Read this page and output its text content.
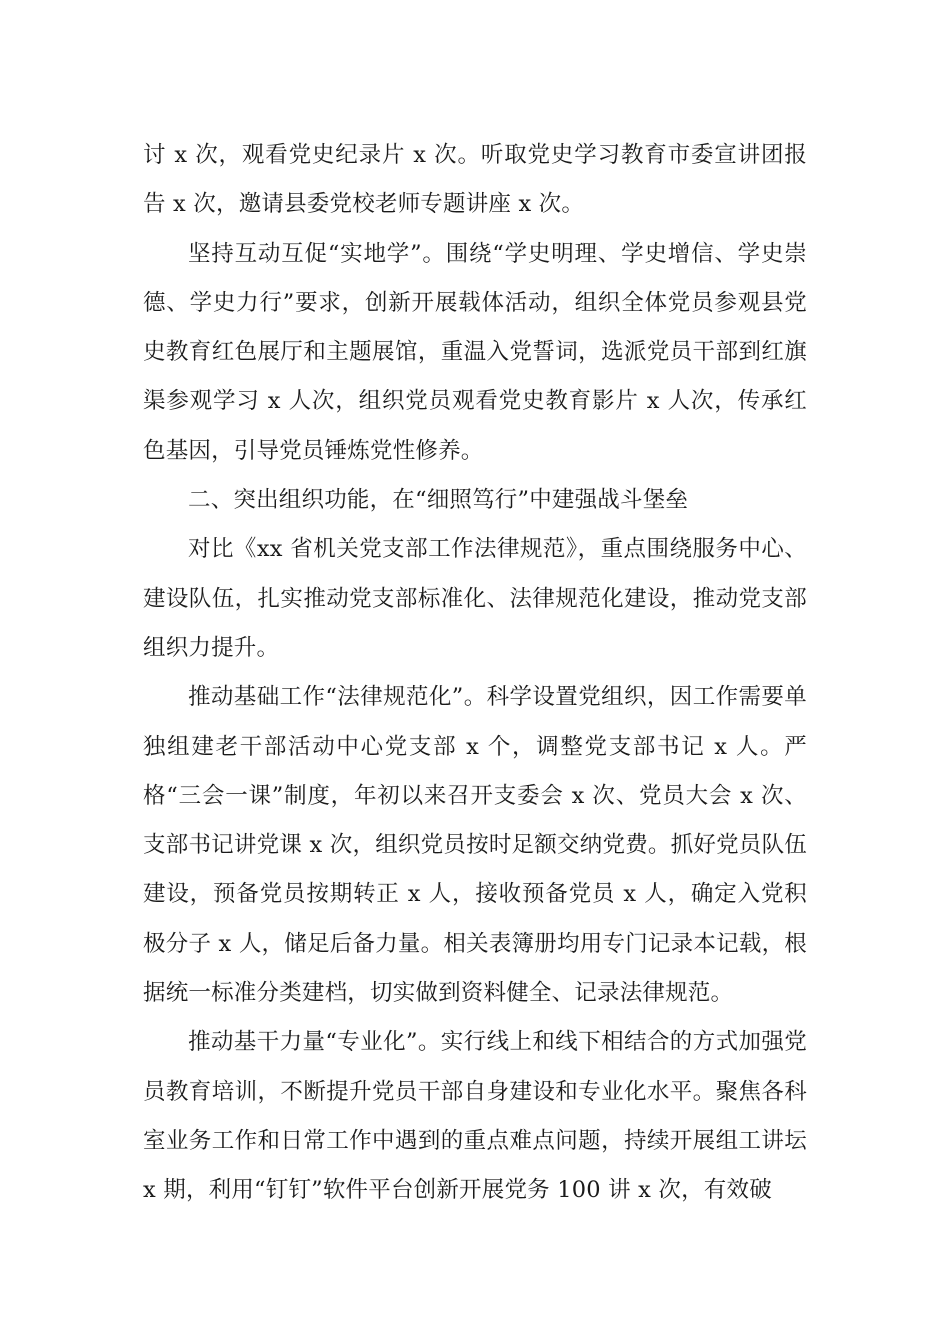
讨 x 次，观看党史纪录片 x 次。听取党史学习教育市委宣讲团报告 x 次，邀请县委党校老师专题讲座 x 次。

坚持互动互促“实地学”。围绕“学史明理、学史增信、学史崇德、学史力行”要求，创新开展载体活动，组织全体党员参观县党史教育红色展厅和主题展馆，重温入党誓词，选派党员干部到红旗渠参观学习 x 人次，组织党员观看党史教育影片 x 人次，传承红色基因，引导党员锤炼党性修养。

二、突出组织功能，在“细照笃行”中建强战斗堡垒

对比《xx 省机关党支部工作法律规范》，重点围绕服务中心、建设队伍，扎实推动党支部标准化、法律规范化建设，推动党支部组织力提升。

推动基础工作“法律规范化”。科学设置党组织，因工作需要单独组建老干部活动中心党支部 x 个，调整党支部书记 x 人。严格“三会一课”制度，年初以来召开支委会 x 次、党员大会 x 次、支部书记讲党课 x 次，组织党员按时足额交纳党费。抓好党员队伍建设，预备党员按期转正 x 人，接收预备党员 x 人，确定入党积极分子 x 人，储足后备力量。相关表簿册均用专门记录本记载，根据统一标准分类建档，切实做到资料健全、记录法律规范。

推动基干力量“专业化”。实行线上和线下相结合的方式加强党员教育培训，不断提升党员干部自身建设和专业化水平。聚焦各科室业务工作和日常工作中遇到的重点难点问题，持续开展组工讲坛 x 期，利用“钉钉”软件平台创新开展党务 100 讲 x 次，有效破
